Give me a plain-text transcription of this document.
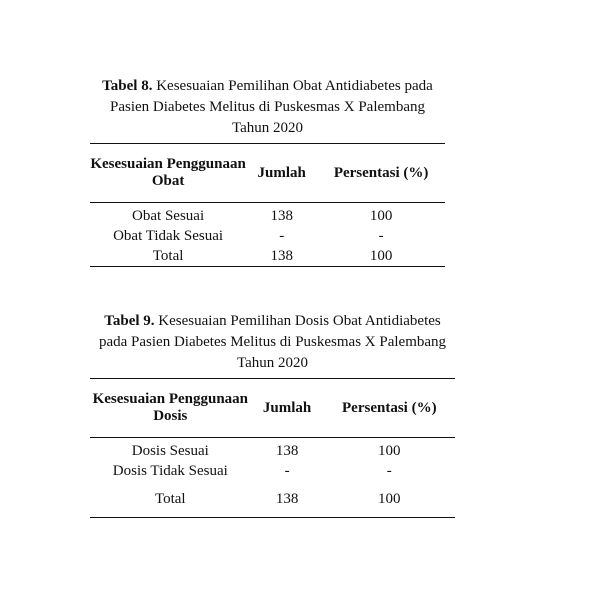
Tabel 8. Kesesuaian Pemilihan Obat Antidiabetes pada Pasien Diabetes Melitus di Puskesmas X Palembang Tahun 2020
Kesesuaian Penggunaan Obat	Jumlah	Persentasi (%)
Obat Sesuai	138	100
Obat Tidak Sesuai	-	-
Total	138	100
Tabel 9. Kesesuaian Pemilihan Dosis Obat Antidiabetes pada Pasien Diabetes Melitus di Puskesmas X Palembang Tahun 2020
Kesesuaian Penggunaan Dosis	Jumlah	Persentasi (%)
Dosis Sesuai	138	100
Dosis Tidak Sesuai	-	-
Total	138	100
